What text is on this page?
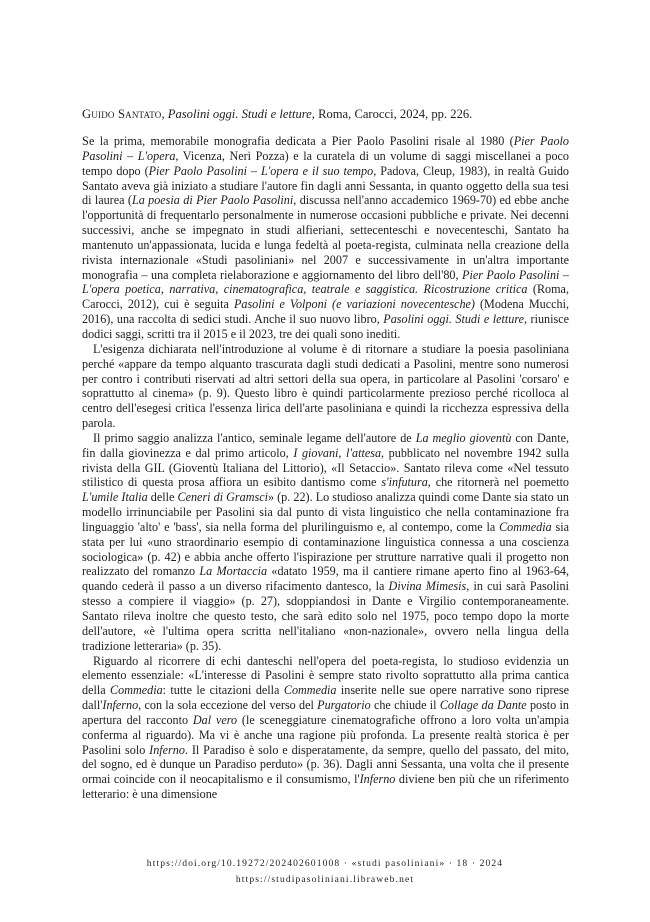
Guido Santato, Pasolini oggi. Studi e letture, Roma, Carocci, 2024, pp. 226.

Se la prima, memorabile monografia dedicata a Pier Paolo Pasolini risale al 1980 (Pier Paolo Pasolini – L'opera, Vicenza, Neri Pozza) e la curatela di un volume di saggi miscellanei a poco tempo dopo (Pier Paolo Pasolini – L'opera e il suo tempo, Padova, Cleup, 1983), in realtà Guido Santato aveva già iniziato a studiare l'autore fin dagli anni Sessanta, in quanto oggetto della sua tesi di laurea (La poesia di Pier Paolo Pasolini, discussa nell'anno accademico 1969-70) ed ebbe anche l'opportunità di frequentarlo personalmente in numerose occasioni pubbliche e private. Nei decenni successivi, anche se impegnato in studi alfieriani, settecenteschi e novecenteschi, Santato ha mantenuto un'appassionata, lucida e lunga fedeltà al poeta-regista, culminata nella creazione della rivista internazionale «Studi pasoliniani» nel 2007 e successivamente in un'altra importante monografia – una completa rielaborazione e aggiornamento del libro dell'80, Pier Paolo Pasolini – L'opera poetica, narrativa, cinematografica, teatrale e saggistica. Ricostruzione critica (Roma, Carocci, 2012), cui è seguita Pasolini e Volponi (e variazioni novecentesche) (Modena Mucchi, 2016), una raccolta di sedici studi. Anche il suo nuovo libro, Pasolini oggi. Studi e letture, riunisce dodici saggi, scritti tra il 2015 e il 2023, tre dei quali sono inediti.

L'esigenza dichiarata nell'introduzione al volume è di ritornare a studiare la poesia pasoliniana perché «appare da tempo alquanto trascurata dagli studi dedicati a Pasolini, mentre sono numerosi per contro i contributi riservati ad altri settori della sua opera, in particolare al Pasolini 'corsaro' e soprattutto al cinema» (p. 9). Questo libro è quindi particolarmente prezioso perché ricolloca al centro dell'esegesi critica l'essenza lirica dell'arte pasoliniana e quindi la ricchezza espressiva della parola.

Il primo saggio analizza l'antico, seminale legame dell'autore de La meglio gioventù con Dante, fin dalla giovinezza e dal primo articolo, I giovani, l'attesa, pubblicato nel novembre 1942 sulla rivista della GIL (Gioventù Italiana del Littorio), «Il Setaccio». Santato rileva come «Nel tessuto stilistico di questa prosa affiora un esibito dantismo come s'infutura, che ritornerà nel poemetto L'umile Italia delle Ceneri di Gramsci» (p. 22). Lo studioso analizza quindi come Dante sia stato un modello irrinunciabile per Pasolini sia dal punto di vista linguistico che nella contaminazione fra linguaggio 'alto' e 'bass', sia nella forma del plurilinguismo e, al contempo, come la Commedia sia stata per lui «uno straordinario esempio di contaminazione linguistica connessa a una coscienza sociologica» (p. 42) e abbia anche offerto l'ispirazione per strutture narrative quali il progetto non realizzato del romanzo La Mortaccia «datato 1959, ma il cantiere rimane aperto fino al 1963-64, quando cederà il passo a un diverso rifacimento dantesco, la Divina Mimesis, in cui sarà Pasolini stesso a compiere il viaggio» (p. 27), sdoppiandosi in Dante e Virgilio contemporaneamente. Santato rileva inoltre che questo testo, che sarà edito solo nel 1975, poco tempo dopo la morte dell'autore, «è l'ultima opera scritta nell'italiano «non-nazionale», ovvero nella lingua della tradizione letteraria» (p. 35).

Riguardo al ricorrere di echi danteschi nell'opera del poeta-regista, lo studioso evidenzia un elemento essenziale: «L'interesse di Pasolini è sempre stato rivolto soprattutto alla prima cantica della Commedia: tutte le citazioni della Commedia inserite nelle sue opere narrative sono riprese dall'Inferno, con la sola eccezione del verso del Purgatorio che chiude il Collage da Dante posto in apertura del racconto Dal vero (le sceneggiature cinematografiche offrono a loro volta un'ampia conferma al riguardo). Ma vi è anche una ragione più profonda. La presente realtà storica è per Pasolini solo Inferno. Il Paradiso è solo e disperatamente, da sempre, quello del passato, del mito, del sogno, ed è dunque un Paradiso perduto» (p. 36). Dagli anni Sessanta, una volta che il presente ormai coincide con il neocapitalismo e il consumismo, l'Inferno diviene ben più che un riferimento letterario: è una dimensione

https://doi.org/10.19272/202402601008 · «studi pasoliniani» · 18 · 2024
https://studipasoliniani.libraweb.net
